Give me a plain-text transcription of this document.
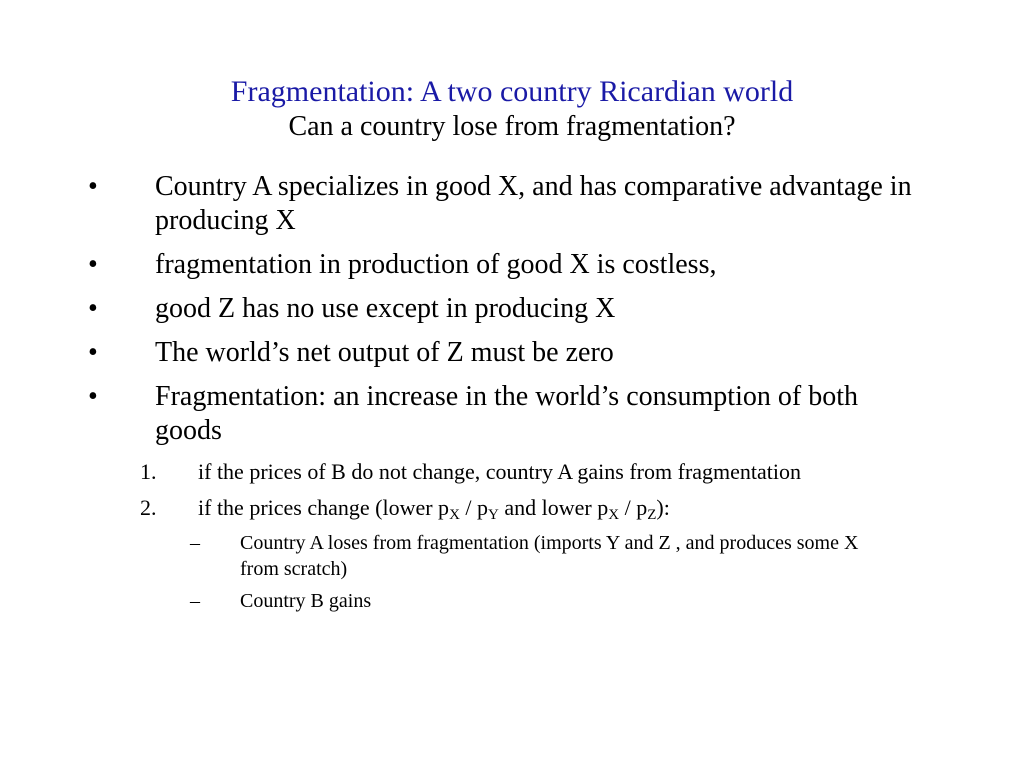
Fragmentation: A two country Ricardian world
Can a country lose from fragmentation?
• Country A specializes in good X, and has comparative advantage in producing X
• fragmentation in production of good X is costless,
• good Z has no use except in producing X
• The world’s net output of Z must be zero
• Fragmentation: an increase in the world’s consumption of both goods
1. if the prices of B do not change, country A gains from fragmentation
2. if the prices change (lower $p_X / p_Y$ and lower $p_X / p_Z$):
– Country A loses from fragmentation (imports Y and Z , and produces some X from scratch)
– Country B gains
